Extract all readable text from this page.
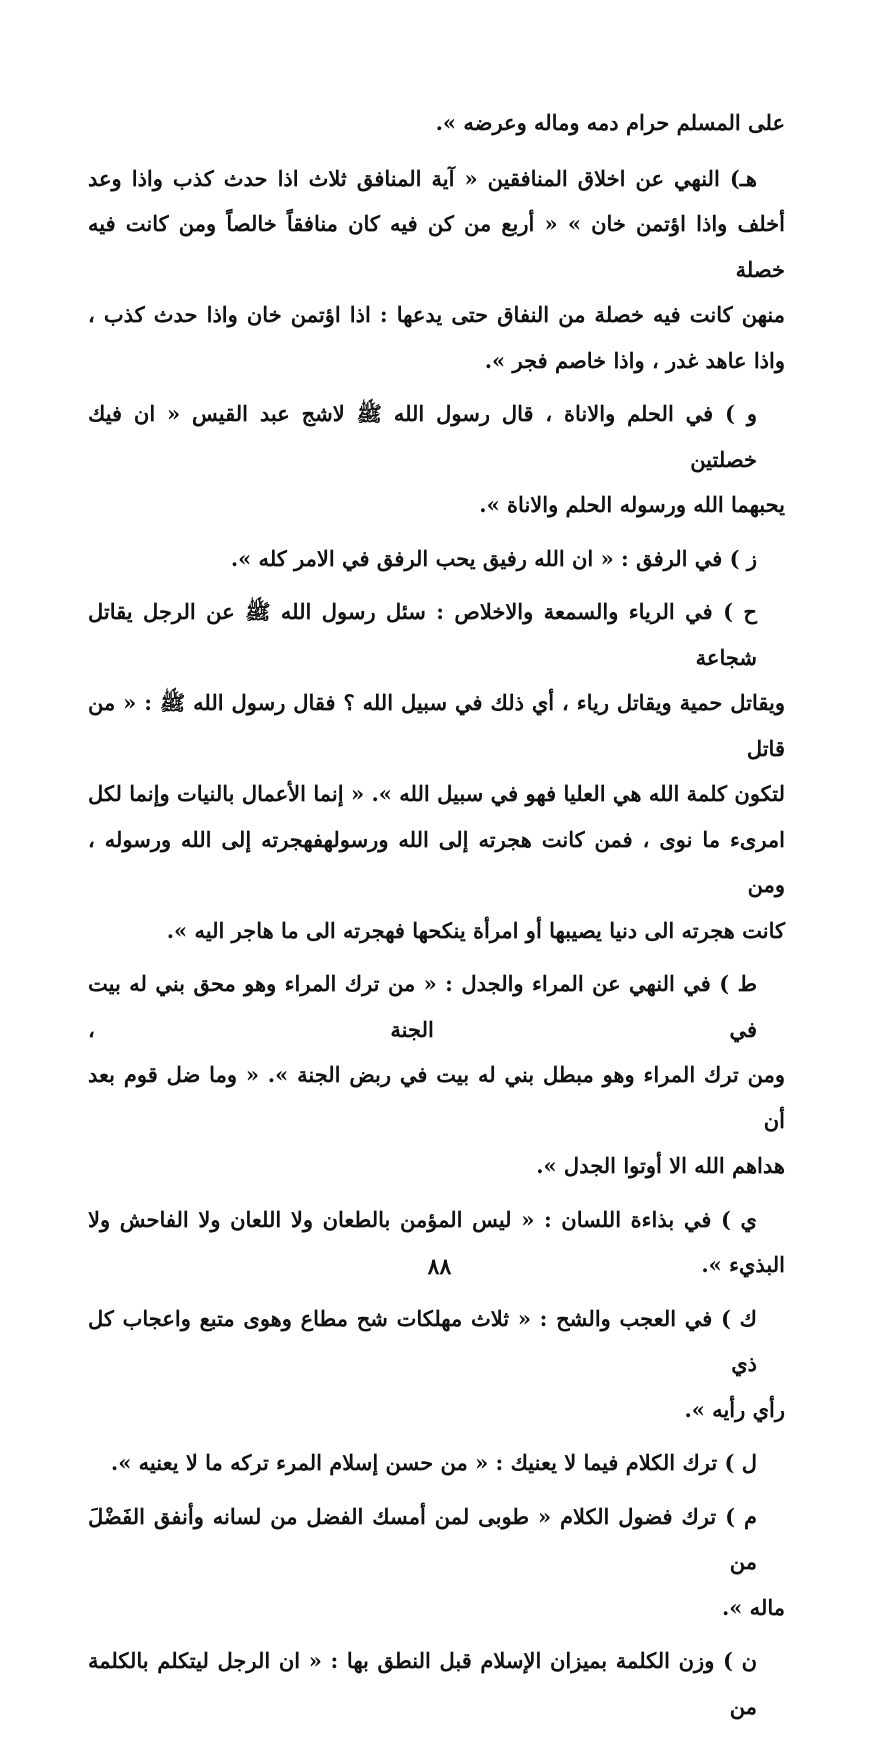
على المسلم حرام دمه وماله وعرضه ».
هـ) النهي عن اخلاق المنافقين « آية المنافق ثلاث اذا حدث كذب واذا وعد
أخلف واذا اؤتمن خان » « أربع من كن فيه كان منافقاً خالصاً ومن كانت فيه خصلة
منهن كانت فيه خصلة من النفاق حتى يدعها : اذا اؤتمن خان واذا حدث كذب ،
واذا عاهد غدر ، واذا خاصم فجر ».
و ) في الحلم والاناة ، قال رسول الله ﷺ لاشج عبد القيس « ان فيك خصلتين
يحبهما الله ورسوله الحلم والاناة ».
ز ) في الرفق : « ان الله رفيق يحب الرفق في الامر كله ».
ح ) في الرياء والسمعة والاخلاص : سئل رسول الله ﷺ عن الرجل يقاتل شجاعة
ويقاتل حمية ويقاتل رياء ، أي ذلك في سبيل الله ؟ فقال رسول الله ﷺ : « من قاتل
لتكون كلمة الله هي العليا فهو في سبيل الله ». « إنما الأعمال بالنيات وإنما لكل
امرىء ما نوى ، فمن كانت هجرته إلى الله ورسولهفهجرته إلى الله ورسوله ، ومن
كانت هجرته الى دنيا يصيبها أو امرأة ينكحها فهجرته الى ما هاجر اليه ».
ط ) في النهي عن المراء والجدل : « من ترك المراء وهو محق بني له بيت في الجنة ،
ومن ترك المراء وهو مبطل بني له بيت في ربض الجنة ». « وما ضل قوم بعد أن
هداهم الله الا أوتوا الجدل ».
ي ) في بذاءة اللسان : « ليس المؤمن بالطعان ولا اللعان ولا الفاحش ولا
البذيء ».
ك ) في العجب والشح : « ثلاث مهلكات شح مطاع وهوى متبع واعجاب كل ذي
رأي رأيه ».
ل ) ترك الكلام فيما لا يعنيك : « من حسن إسلام المرء تركه ما لا يعنيه ».
م ) ترك فضول الكلام « طوبى لمن أمسك الفضل من لسانه وأنفق الفَضْلَ من
ماله ».
ن ) وزن الكلمة بميزان الإسلام قبل النطق بها : « ان الرجل ليتكلم بالكلمة من
٨٨
